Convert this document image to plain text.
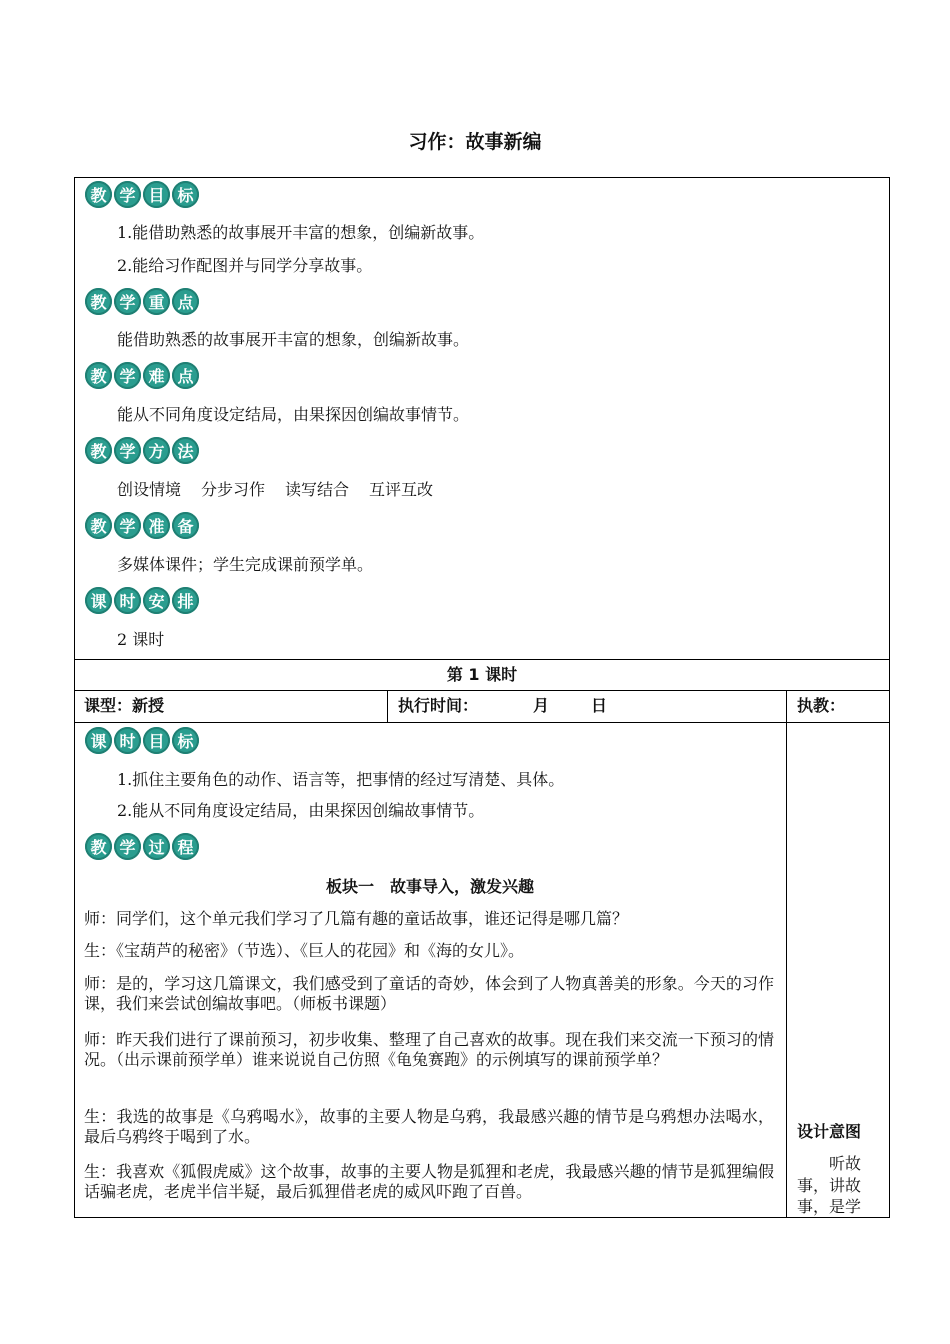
习作：故事新编
教 学 目 标
1.能借助熟悉的故事展开丰富的想象，创编新故事。
2.能给习作配图并与同学分享故事。
教 学 重 点
能借助熟悉的故事展开丰富的想象，创编新故事。
教 学 难 点
能从不同角度设定结局，由果探因创编故事情节。
教 学 方 法
创设情境 分步习作 读写结合 互评互改
教 学 准 备
多媒体课件；学生完成课前预学单。
课 时 安 排
2 课时
第 1 课时
课型：新授	执行时间：	月	日	执教：
课 时 目 标
1.抓住主要角色的动作、语言等，把事情的经过写清楚、具体。
2.能从不同角度设定结局，由果探因创编故事情节。
教 学 过 程
板块一　故事导入，激发兴趣
师：同学们，这个单元我们学习了几篇有趣的童话故事，谁还记得是哪几篇？
生：《宝葫芦的秘密》（节选）、《巨人的花园》和《海的女儿》。
师：是的，学习这几篇课文，我们感受到了童话的奇妙，体会到了人物真善美的形象。今天的习作课，我们来尝试创编故事吧。（师板书课题）
师：昨天我们进行了课前预习，初步收集、整理了自己喜欢的故事。现在我们来交流一下预习的情况。（出示课前预学单）谁来说说自己仿照《龟兔赛跑》的示例填写的课前预学单？
生：我选的故事是《乌鸦喝水》，故事的主要人物是乌鸦，我最感兴趣的情节是乌鸦想办法喝水，最后乌鸦终于喝到了水。
生：我喜欢《狐假虎威》这个故事，故事的主要人物是狐狸和老虎，我最感兴趣的情节是狐狸编假话骗老虎，老虎半信半疑，最后狐狸借老虎的威风吓跑了百兽。
设计意图
听故
事，讲故
事，是学
